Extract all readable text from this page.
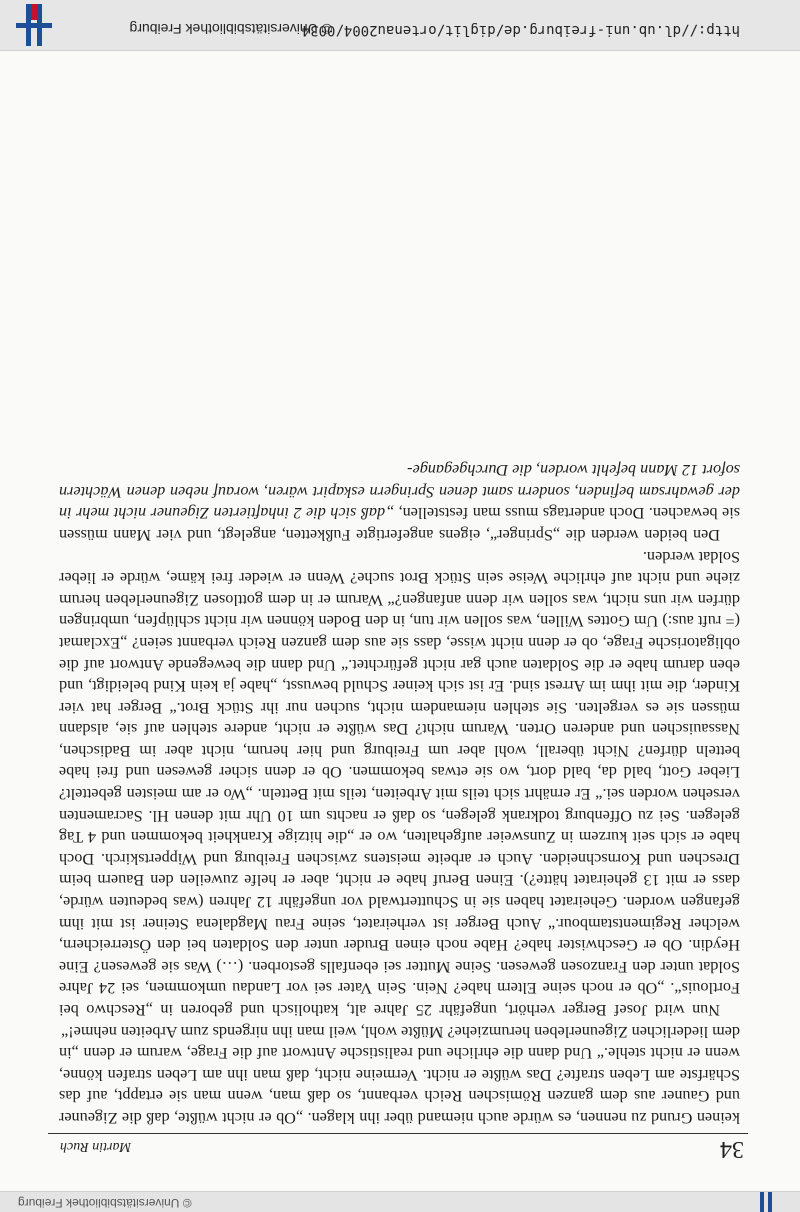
© Universitätsbibliothek Freiburg
34
Martin Ruch

keinen Grund zu nennen, es würde auch niemand über ihn klagen. „Ob er nicht wüßte, daß die Zigeuner und Gauner aus dem ganzen Römischen Reich verbannt, so daß man, wenn man sie ertappt, auf das Schärfste am Leben strafte? Das wüßte er nicht. Vermeine nicht, daß man ihn am Leben strafen könne, wenn er nicht stehle.“ Und dann die ehrliche und realistische Antwort auf die Frage, warum er denn „in dem liederlichen Zigeunerleben herumziehe? Müßte wohl, weil man ihn nirgends zum Arbeiten nehme!“

Nun wird Josef Berger verhört, ungefähr 25 Jahre alt, katholisch und geboren in „Reschwo bei Fortlouis“. „Ob er noch seine Eltern habe? Nein. Sein Vater sei vor Landau umkommen, sei 24 Jahre Soldat unter den Franzosen gewesen. Seine Mutter sei ebenfalls gestorben. (…) Was sie gewesen? Eine Heydin. Ob er Geschwister habe? Habe noch einen Bruder unter den Soldaten bei den Österreichern, welcher Regimentstambour.“ Auch Berger ist verheiratet, seine Frau Magdalena Steiner ist mit ihm gefangen worden. Geheiratet haben sie in Schuttertwald vor ungefähr 12 Jahren (was bedeuten würde, dass er mit 13 geheiratet hätte?). Einen Beruf habe er nicht, aber er helfe zuweilen den Bauern beim Dreschen und Kornschneiden. Auch er arbeite meistens zwischen Freiburg und Wippertskirch. Doch habe er sich seit kurzem in Zunsweier aufgehalten, wo er „die hitzige Krankheit bekommen und 4 Tag gelegen. Sei zu Offenburg todkrank gelegen, so daß er nachts um 10 Uhr mit denen Hl. Sacramenten versehen worden sei.“ Er ernährt sich teils mit Arbeiten, teils mit Betteln. „Wo er am meisten gebettelt? Lieber Gott, bald da, bald dort, wo sie etwas bekommen. Ob er denn sicher gewesen und frei habe betteln dürfen? Nicht überall, wohl aber um Freiburg und hier herum, nicht aber im Badischen, Nassauischen und anderen Orten. Warum nicht? Das wüßte er nicht, andere stehlen auf sie, alsdann müssen sie es vergelten. Sie stehlen niemandem nicht, suchen nur ihr Stück Brot.“ Berger hat vier Kinder, die mit ihm im Arrest sind. Er ist sich keiner Schuld bewusst, „habe ja kein Kind beleidigt, und eben darum habe er die Soldaten auch gar nicht gefürchtet.“ Und dann die bewegende Antwort auf die obligatorische Frage, ob er denn nicht wisse, dass sie aus dem ganzen Reich verbannt seien? „Exclamat (= ruft aus:) Um Gottes Willen, was sollen wir tun, in den Boden können wir nicht schlüpfen, umbringen dürfen wir uns nicht, was sollen wir denn anfangen?“ Warum er in dem gottlosen Zigeunerleben herum ziehe und nicht auf ehrliche Weise sein Stück Brot suche? Wenn er wieder frei käme, würde er lieber Soldat werden.

Den beiden werden die „Springer“, eigens angefertigte Fußketten, angelegt, und vier Mann müssen sie bewachen. Doch andertags muss man feststellen, „daß sich die 2 inhaftierten Zigeuner nicht mehr in der gewahrsam befinden, sondern samt denen Springern eskapirt wären, worauf neben denen Wächtern sofort 12 Mann befehlt worden, die Durchgegange-

http://dl.ub.uni-freiburg.de/diglit/ortenau2004/0034
© Universitätsbibliothek Freiburg
